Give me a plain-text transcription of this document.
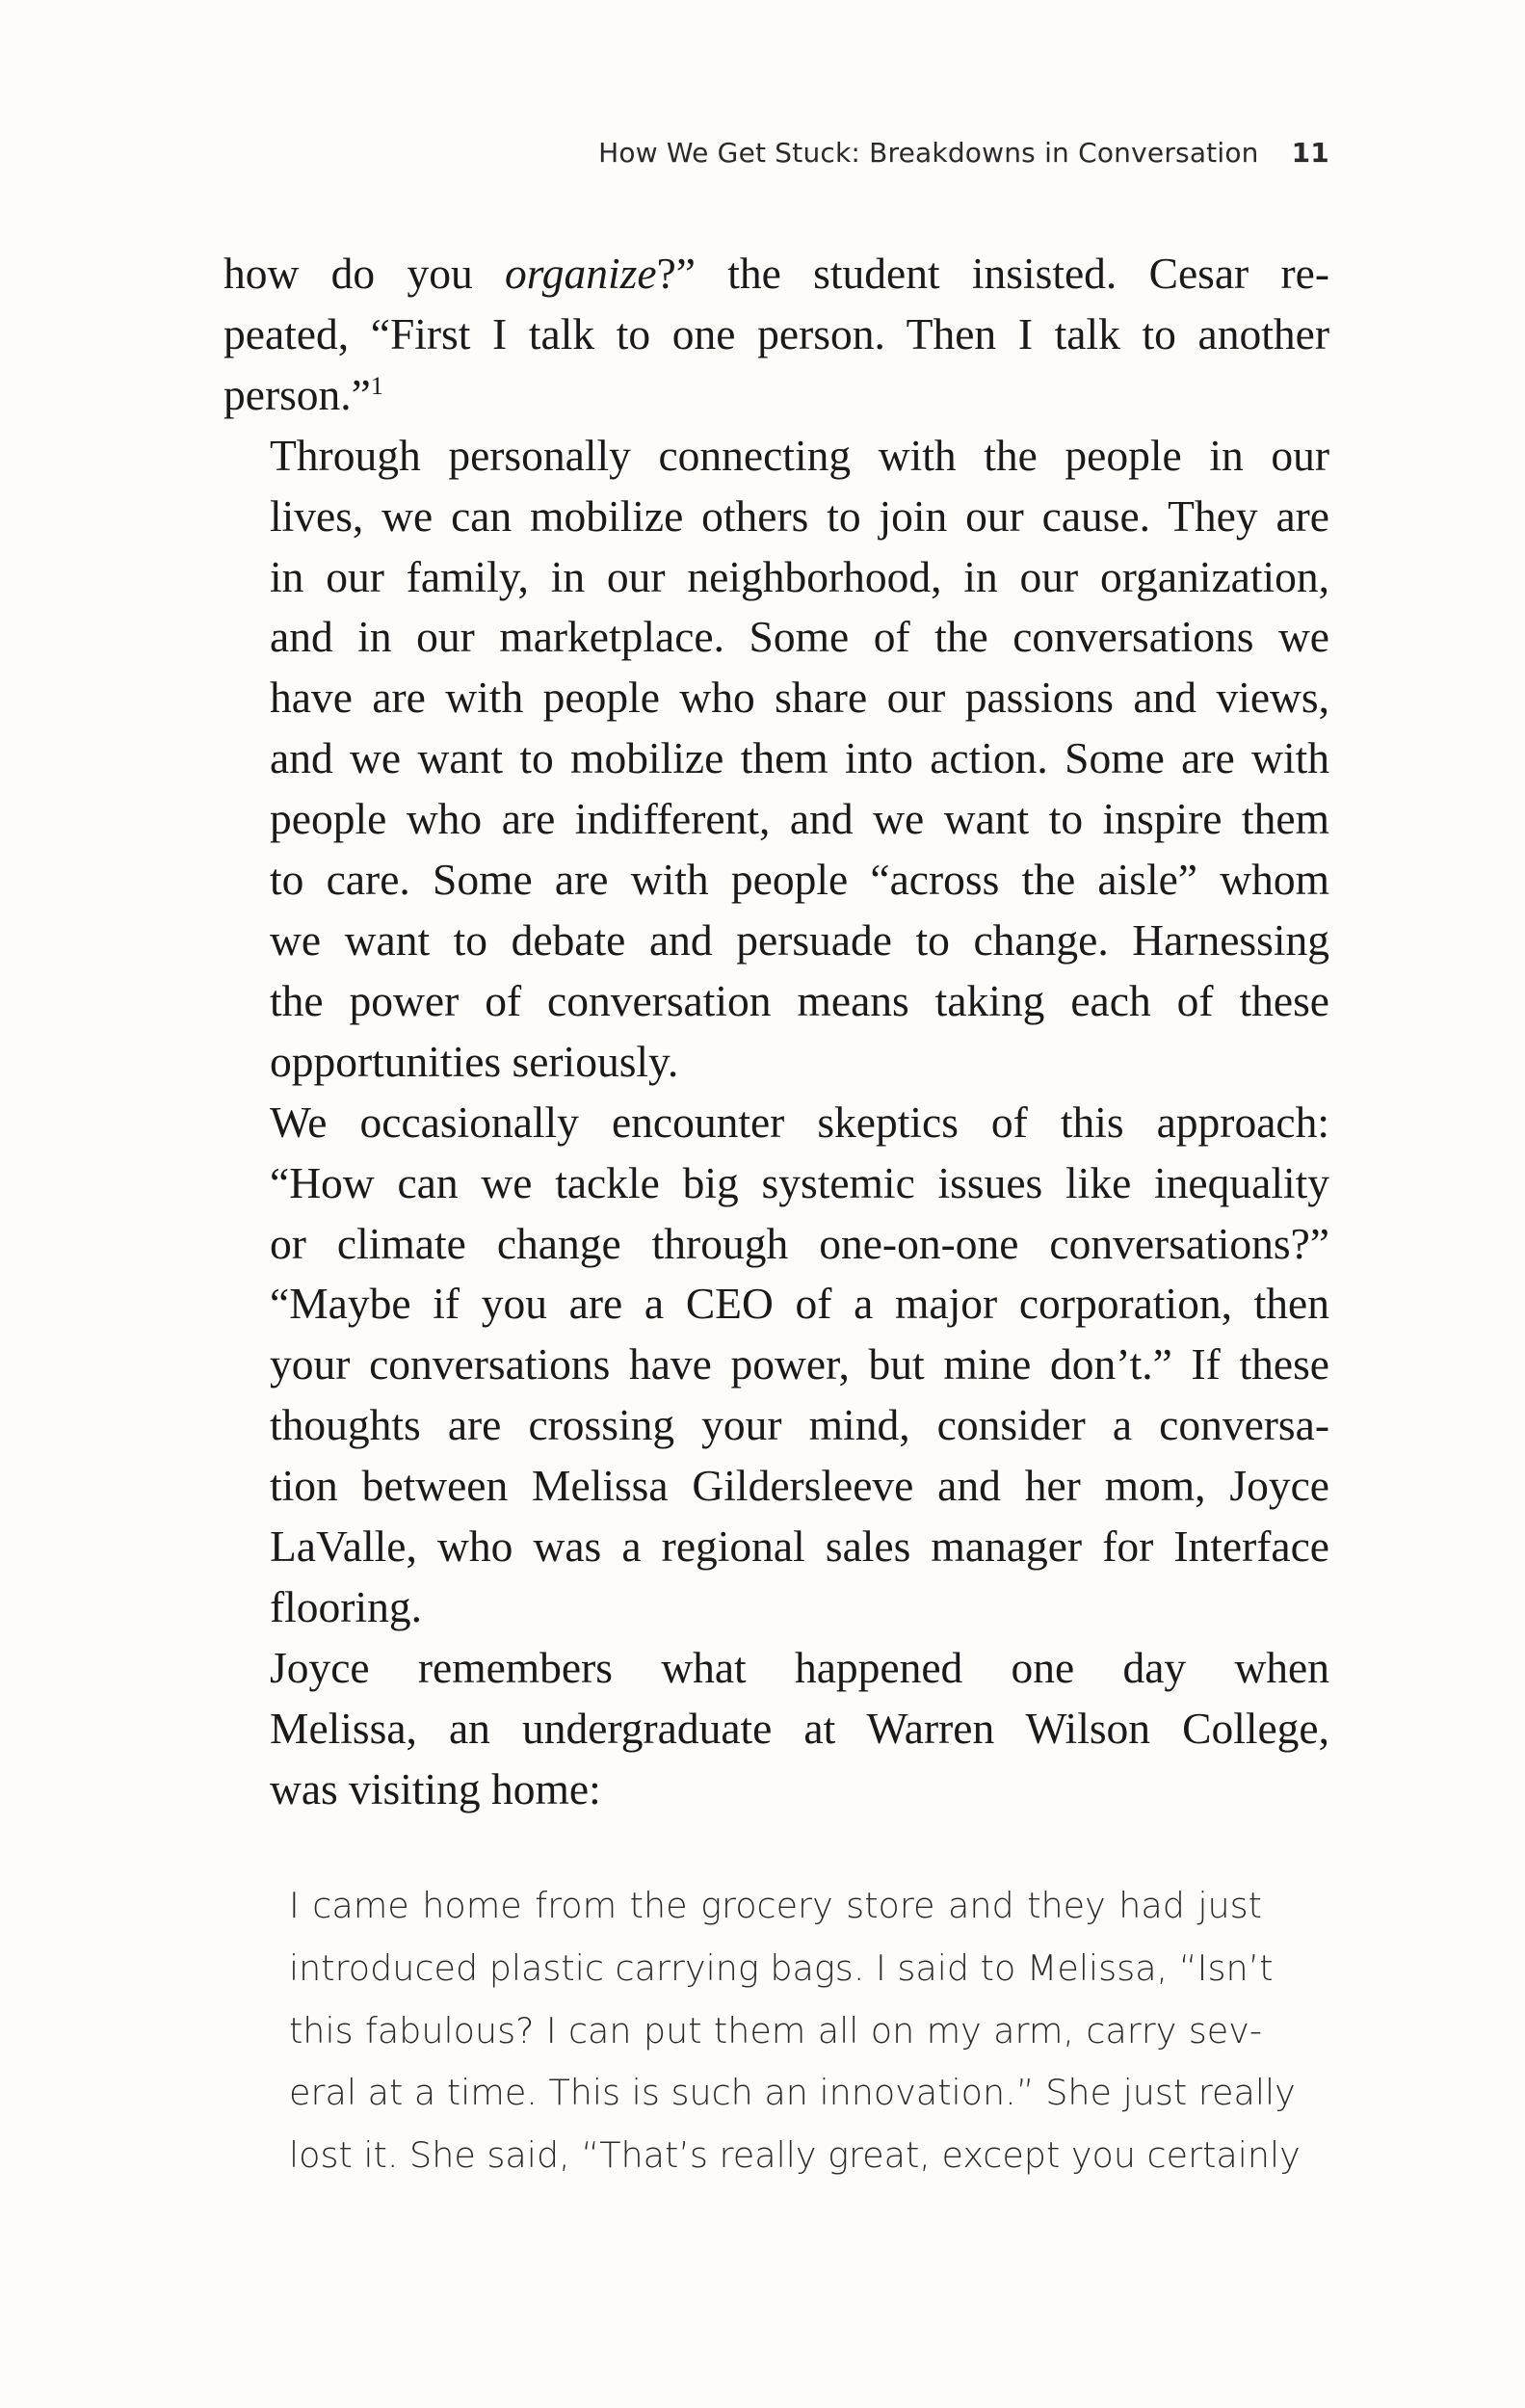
How We Get Stuck: Breakdowns in Conversation 11

how do you organize?” the student insisted. Cesar re-
peated, “First I talk to one person. Then I talk to another
person.”$^1$

Through personally connecting with the people in our
lives, we can mobilize others to join our cause. They are
in our family, in our neighborhood, in our organization,
and in our marketplace. Some of the conversations we
have are with people who share our passions and views,
and we want to mobilize them into action. Some are with
people who are indifferent, and we want to inspire them
to care. Some are with people “across the aisle” whom
we want to debate and persuade to change. Harnessing
the power of conversation means taking each of these
opportunities seriously.

We occasionally encounter skeptics of this approach:
“How can we tackle big systemic issues like inequality
or climate change through one-on-one conversations?”
“Maybe if you are a CEO of a major corporation, then
your conversations have power, but mine don’t.” If these
thoughts are crossing your mind, consider a conversa-
tion between Melissa Gildersleeve and her mom, Joyce
LaValle, who was a regional sales manager for Interface
flooring.

Joyce remembers what happened one day when
Melissa, an undergraduate at Warren Wilson College,
was visiting home:

I came home from the grocery store and they had just
introduced plastic carrying bags. I said to Melissa, “Isn’t
this fabulous? I can put them all on my arm, carry sev-
eral at a time. This is such an innovation.” She just really
lost it. She said, “That’s really great, except you certainly
